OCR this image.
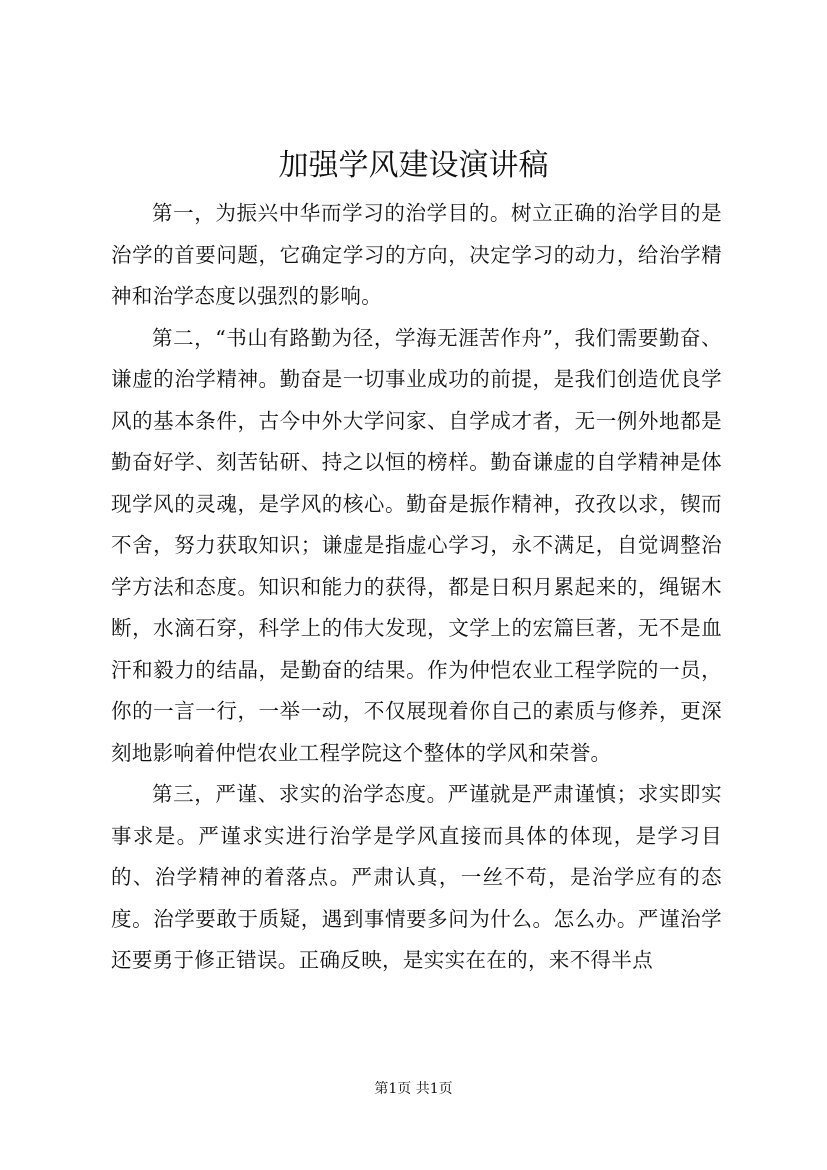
加强学风建设演讲稿

第一，为振兴中华而学习的治学目的。树立正确的治学目的是治学的首要问题，它确定学习的方向，决定学习的动力，给治学精神和治学态度以强烈的影响。

第二，“书山有路勤为径，学海无涯苦作舟”，我们需要勤奋、谦虚的治学精神。勤奋是一切事业成功的前提，是我们创造优良学风的基本条件，古今中外大学问家、自学成才者，无一例外地都是勤奋好学、刻苦钻研、持之以恒的榜样。勤奋谦虚的自学精神是体现学风的灵魂，是学风的核心。勤奋是振作精神，孜孜以求，锲而不舍，努力获取知识；谦虚是指虚心学习，永不满足，自觉调整治学方法和态度。知识和能力的获得，都是日积月累起来的，绳锯木断，水滴石穿，科学上的伟大发现，文学上的宏篇巨著，无不是血汗和毅力的结晶，是勤奋的结果。作为仲恺农业工程学院的一员，你的一言一行，一举一动，不仅展现着你自己的素质与修养，更深刻地影响着仲恺农业工程学院这个整体的学风和荣誉。

第三，严谨、求实的治学态度。严谨就是严肃谨慎；求实即实事求是。严谨求实进行治学是学风直接而具体的体现，是学习目的、治学精神的着落点。严肃认真，一丝不苟，是治学应有的态度。治学要敢于质疑，遇到事情要多问为什么。怎么办。严谨治学还要勇于修正错误。正确反映，是实实在在的，来不得半点

第1页 共1页
